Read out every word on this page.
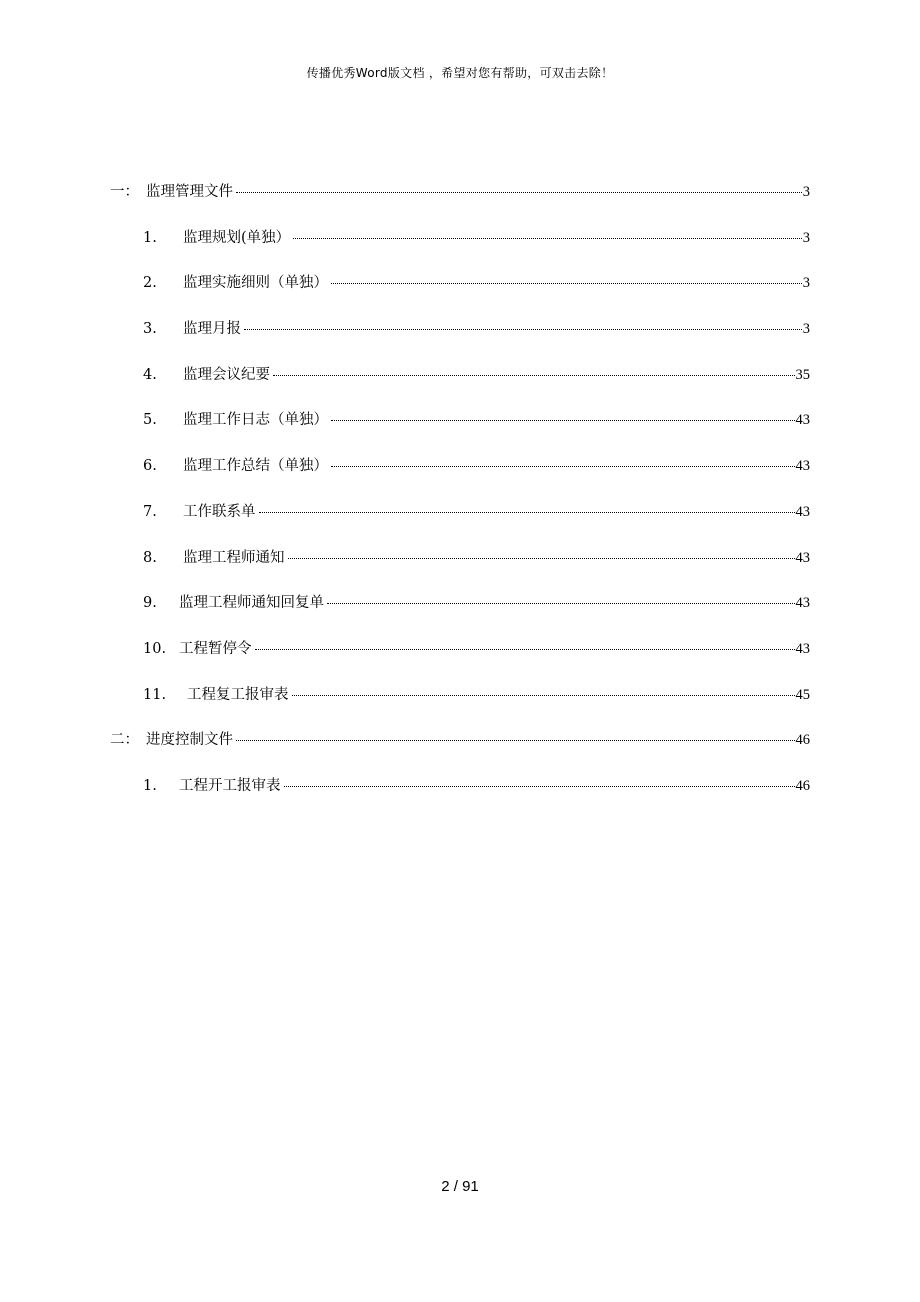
传播优秀Word版文档 ，希望对您有帮助，可双击去除！
一： 监理管理文件	3
1.	监理规划(单独）	3
2.	监理实施细则（单独）	3
3.	监理月报	3
4.	监理会议纪要	35
5.	监理工作日志（单独）	43
6.	监理工作总结（单独）	43
7.	工作联系单	43
8.	监理工程师通知	43
9.	监理工程师通知回复单	43
10. 工程暂停令	43
11.	工程复工报审表	45
二： 进度控制文件	46
1.	工程开工报审表	46
2 / 91
